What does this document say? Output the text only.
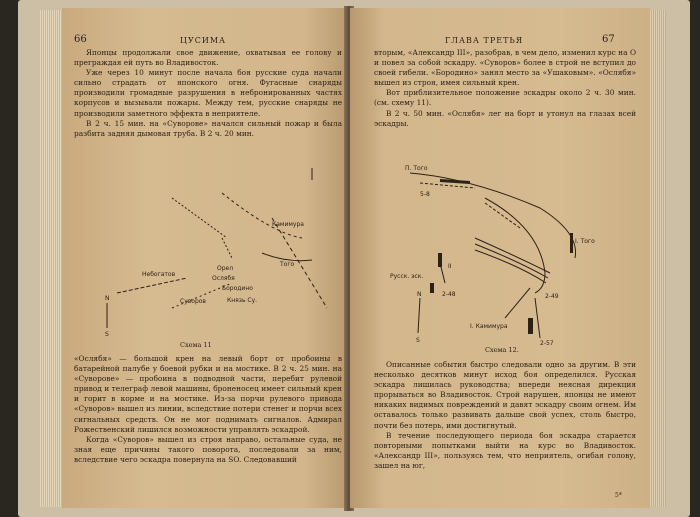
66	ЦУСИМА

Японцы продолжали свое движение, охватывая ее голову и преграждая ей путь во Владивосток.

Уже через 10 минут после начала боя русские суда начали сильно страдать от японского огня. Фугасные снаряды производили громадные разрушения в небронированных частях корпусов и вызывали пожары. Между тем, русские снаряды не производили заметного эффекта в неприятеле.

В 2 ч. 15 мин. на «Суворове» начался сильный пожар и была разбита задняя дымовая труба. В 2 ч. 20 мин.

Камимура
Того
Небогатов
Орел
Ослябя
Бородино
Суворов	Князь Су.
N
S
Схема 11

«Ослябя» — большой крен на левый борт от пробоины в батарейной палубе у боевой рубки и на мостике. В 2 ч. 25 мин. на «Суворове» — пробоина в подводной части, перебит рулевой привод и телеграф левой машины, броненосец имеет сильный крен и горит в корме и на мостике. Из-за порчи рулевого привода «Суворов» вышел из линии, вследствие потери стенег и порчи всех сигнальных средств. Он не мог поднимать сигналов. Адмирал Рожественский лишился возможности управлять эскадрой.

Когда «Суворов» вышел из строя направо, остальные суда, не зная еще причины такого поворота, последовали за ним, вследствие чего эскадра повернула на SO. Следовавший

ГЛАВА ТРЕТЬЯ	67

вторым, «Александр III», разобрав, в чем дело, изменил курс на О и повел за собой эскадру. «Суворов» более в строй не вступил до своей гибели. «Бородино» занял место за «Ушаковым». «Ослябя» вышел из строя, имея сильный крен.

Вот приблизительное положение эскадры около 2 ч. 30 мин. (см. схему 11).

В 2 ч. 50 мин. «Ослябя» лег на борт и утонул на глазах всей эскадры.

П. Того
5-8
I. Того
Русск. эск.
II
2-48	2-49
I. Камимура
2-57
N
S
Схема 12.

Описанные события быстро следовали одно за другим. В эти несколько десятков минут исход боя определился. Русская эскадра лишилась руководства; впереди неясная дирекция прорываться во Владивосток. Строй нарушен, японцы не имеют никаких видимых повреждений и давят эскадру своим огнем. Им оставалось только развивать дальше свой успех, столь быстро, почти без потерь, ими достигнутый.

В течение последующего периода боя эскадра старается повторными попытками выйти на курс во Владивосток. «Александр III», пользуясь тем, что неприятель, огибая голову, зашел на юг,

5*
